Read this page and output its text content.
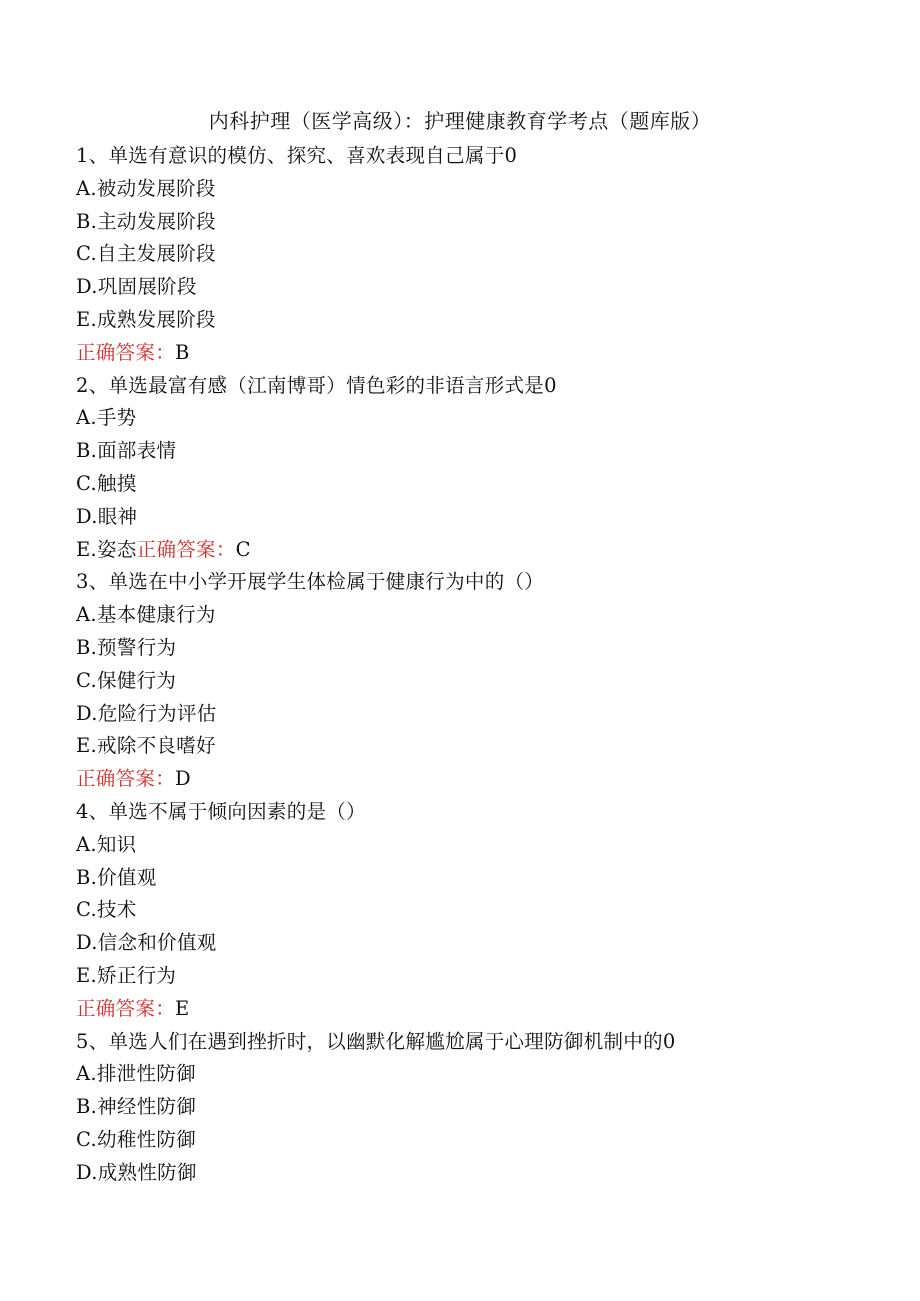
内科护理（医学高级）：护理健康教育学考点（题库版）
1、单选有意识的模仿、探究、喜欢表现自己属于0
A.被动发展阶段
B.主动发展阶段
C.自主发展阶段
D.巩固展阶段
E.成熟发展阶段
正确答案：B
2、单选最富有感（江南博哥）情色彩的非语言形式是0
A.手势
B.面部表情
C.触摸
D.眼神
E.姿态正确答案：C
3、单选在中小学开展学生体检属于健康行为中的（）
A.基本健康行为
B.预警行为
C.保健行为
D.危险行为评估
E.戒除不良嗜好
正确答案：D
4、单选不属于倾向因素的是（）
A.知识
B.价值观
C.技术
D.信念和价值观
E.矫正行为
正确答案：E
5、单选人们在遇到挫折时，以幽默化解尴尬属于心理防御机制中的0
A.排泄性防御
B.神经性防御
C.幼稚性防御
D.成熟性防御
